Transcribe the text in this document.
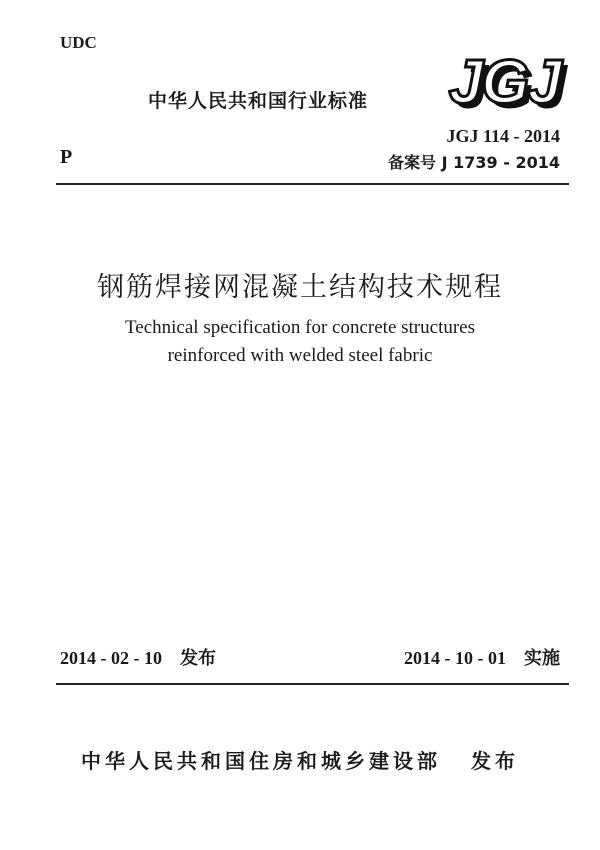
UDC
P
中华人民共和国行业标准 JGJ
JGJ 114 - 2014
备案号 J 1739 - 2014
钢筋焊接网混凝土结构技术规程
Technical specification for concrete structures
reinforced with welded steel fabric
2014 - 02 - 10 发布	2014 - 10 - 01 实施
中华人民共和国住房和城乡建设部 发布
